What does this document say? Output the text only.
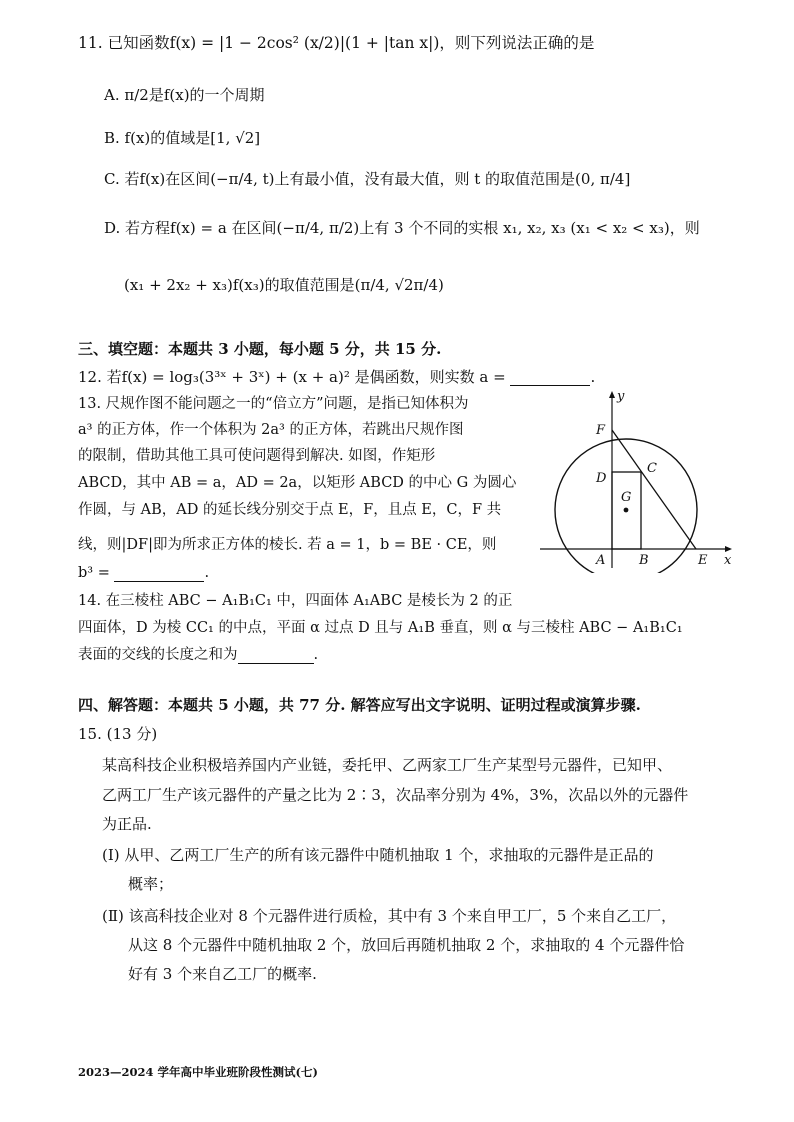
11. 已知函数f(x) = |1 − 2cos² (x/2)|(1 + |tan x|)，则下列说法正确的是
A. π/2是f(x)的一个周期
B. f(x)的值域是[1, √2]
C. 若f(x)在区间(−π/4, t)上有最小值，没有最大值，则 t 的取值范围是(0, π/4]
D. 若方程f(x) = a 在区间(−π/4, π/2)上有 3 个不同的实根 x₁, x₂, x₃ (x₁ < x₂ < x₃)，则
(x₁ + 2x₂ + x₃)f(x₃)的取值范围是(π/4, √2π/4)
三、填空题：本题共 3 小题，每小题 5 分，共 15 分.
12. 若f(x) = log₃(3³ˣ + 3ˣ) + (x + a)² 是偶函数，则实数 a =	.
13. 尺规作图不能问题之一的“倍立方”问题，是指已知体积为
a³ 的正方体，作一个体积为 2a³ 的正方体，若跳出尺规作图
的限制，借助其他工具可使问题得到解决. 如图，作矩形
ABCD，其中 AB = a，AD = 2a，以矩形 ABCD 的中心 G 为圆心
作圆，与 AB，AD 的延长线分别交于点 E，F，且点 E，C，F 共
线，则|DF|即为所求正方体的棱长. 若 a = 1，b = BE · CE，则
b³ =	.
y
F
D
C
G
A	B	E x
14. 在三棱柱 ABC − A₁B₁C₁ 中，四面体 A₁ABC 是棱长为 2 的正
四面体，D 为棱 CC₁ 的中点，平面 α 过点 D 且与 A₁B 垂直，则 α 与三棱柱 ABC − A₁B₁C₁
表面的交线的长度之和为	.
四、解答题：本题共 5 小题，共 77 分. 解答应写出文字说明、证明过程或演算步骤.
15. (13 分)
某高科技企业积极培养国内产业链，委托甲、乙两家工厂生产某型号元器件，已知甲、
乙两工厂生产该元器件的产量之比为 2∶3，次品率分别为 4%，3%，次品以外的元器件
为正品.
(Ⅰ) 从甲、乙两工厂生产的所有该元器件中随机抽取 1 个，求抽取的元器件是正品的
概率；
(Ⅱ) 该高科技企业对 8 个元器件进行质检，其中有 3 个来自甲工厂，5 个来自乙工厂，
从这 8 个元器件中随机抽取 2 个，放回后再随机抽取 2 个，求抽取的 4 个元器件恰
好有 3 个来自乙工厂的概率.
2023—2024 学年高中毕业班阶段性测试(七)
